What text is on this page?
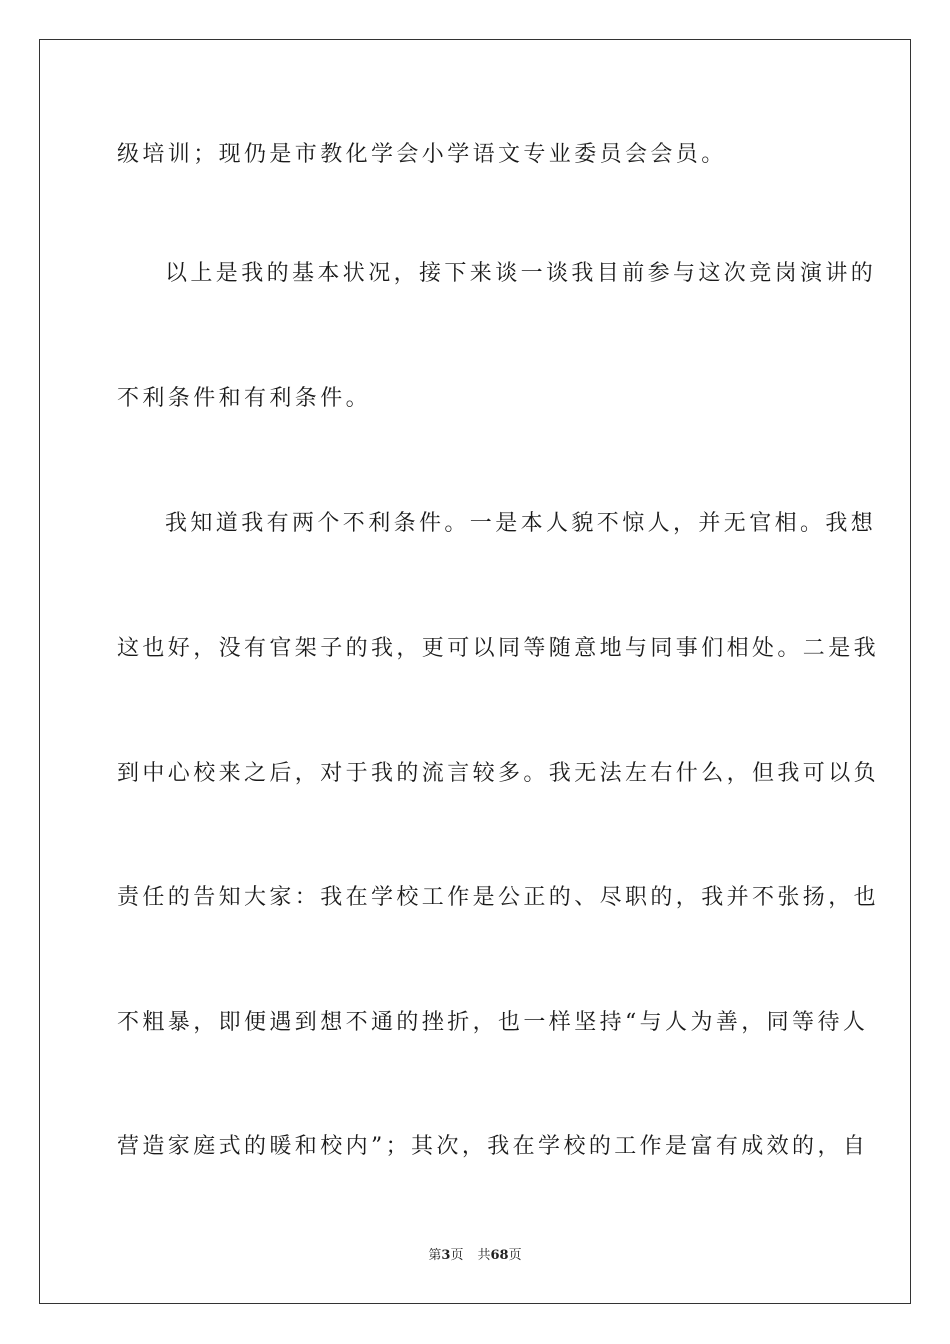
级培训；现仍是市教化学会小学语文专业委员会会员。
以上是我的基本状况，接下来谈一谈我目前参与这次竞岗演讲的
不利条件和有利条件。
我知道我有两个不利条件。一是本人貌不惊人，并无官相。我想
这也好，没有官架子的我，更可以同等随意地与同事们相处。二是我
到中心校来之后，对于我的流言较多。我无法左右什么，但我可以负
责任的告知大家：我在学校工作是公正的、尽职的，我并不张扬，也
不粗暴，即便遇到想不通的挫折，也一样坚持“与人为善，同等待人
营造家庭式的暖和校内”；其次，我在学校的工作是富有成效的，自
第3页 共68页
